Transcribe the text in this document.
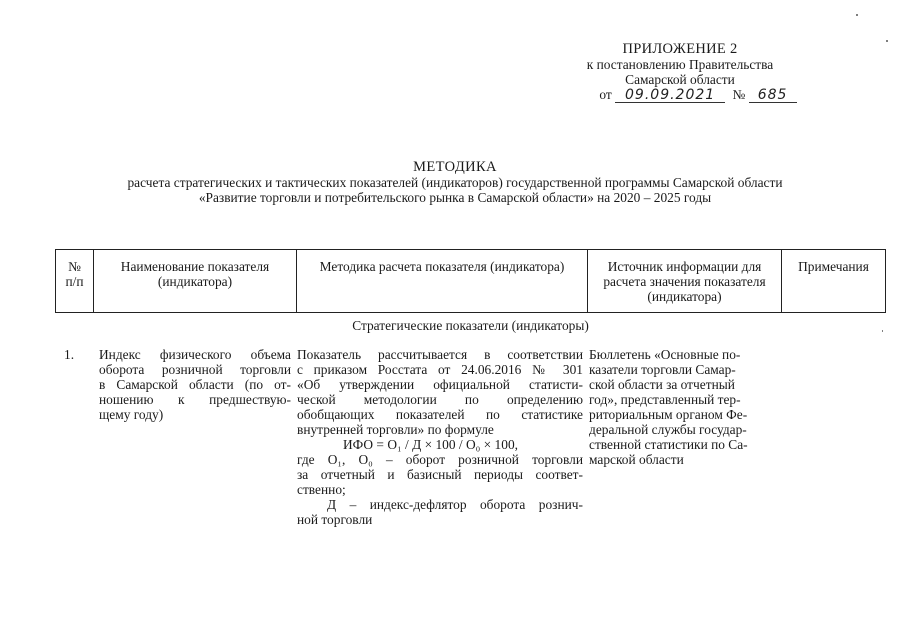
ПРИЛОЖЕНИЕ 2
к постановлению Правительства
Самарской области
от 09.09.2021 № 685
МЕТОДИКА
расчета стратегических и тактических показателей (индикаторов) государственной программы Самарской области
«Развитие торговли и потребительского рынка в Самарской области» на 2020 – 2025 годы
№
п/п
Наименование показателя
(индикатора)
Методика расчета показателя (индикатора)	Источник информации для
расчета значения показателя
(индикатора)
Примечания
Стратегические показатели (индикаторы)
1.	Индекс физического объема
оборота розничной торговли
в Самарской области (по от-
ношению к предшествую-
щему году)
Показатель рассчитывается в соответствии
с приказом Росстата от 24.06.2016 № 301
«Об утверждении официальной статисти-
ческой методологии по определению
обобщающих показателей по статистике
внутренней торговли» по формуле
ИФО = О₁ / Д × 100 / О₀ × 100,
где О₁, О₀ – оборот розничной торговли
за отчетный и базисный периоды соответ-
ственно;
Д – индекс-дефлятор оборота рознич-
ной торговли
Бюллетень «Основные по-
казатели торговли Самар-
ской области за отчетный
год», представленный тер-
риториальным органом Фе-
деральной службы государ-
ственной статистики по Са-
марской области
